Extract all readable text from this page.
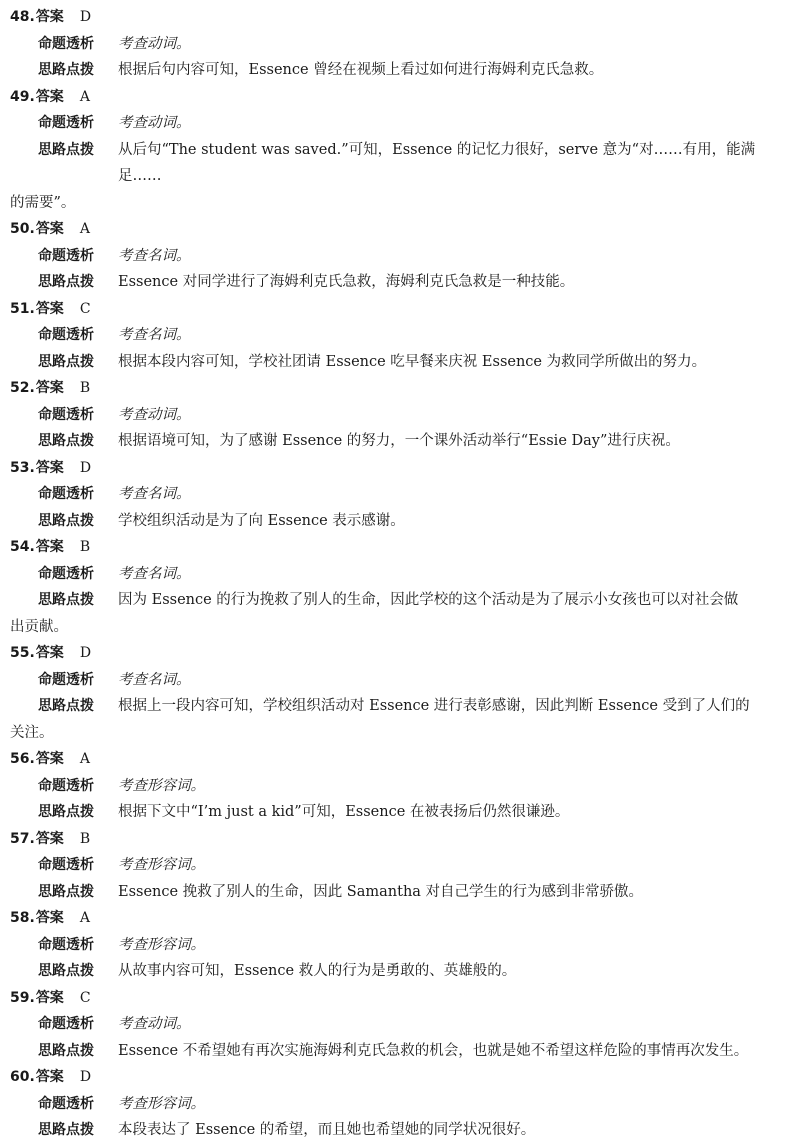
48.答案 D
命题透析	考查动词。
思路点拨	根据后句内容可知，Essence 曾经在视频上看过如何进行海姆利克氏急救。
49.答案 A
命题透析	考查动词。
思路点拨	从后句“The student was saved.”可知，Essence 的记忆力很好，serve 意为“对……有用，能满足……
的需要”。
50.答案 A
命题透析	考查名词。
思路点拨	Essence 对同学进行了海姆利克氏急救，海姆利克氏急救是一种技能。
51.答案 C
命题透析	考查名词。
思路点拨	根据本段内容可知，学校社团请 Essence 吃早餐来庆祝 Essence 为救同学所做出的努力。
52.答案 B
命题透析	考查动词。
思路点拨	根据语境可知，为了感谢 Essence 的努力，一个课外活动举行“Essie Day”进行庆祝。
53.答案 D
命题透析	考查名词。
思路点拨	学校组织活动是为了向 Essence 表示感谢。
54.答案 B
命题透析	考查名词。
思路点拨	因为 Essence 的行为挽救了别人的生命，因此学校的这个活动是为了展示小女孩也可以对社会做
出贡献。
55.答案 D
命题透析	考查名词。
思路点拨	根据上一段内容可知，学校组织活动对 Essence 进行表彰感谢，因此判断 Essence 受到了人们的
关注。
56.答案 A
命题透析	考查形容词。
思路点拨	根据下文中“I’m just a kid”可知，Essence 在被表扬后仍然很谦逊。
57.答案 B
命题透析	考查形容词。
思路点拨	Essence 挽救了别人的生命，因此 Samantha 对自己学生的行为感到非常骄傲。
58.答案 A
命题透析	考查形容词。
思路点拨	从故事内容可知，Essence 救人的行为是勇敢的、英雄般的。
59.答案 C
命题透析	考查动词。
思路点拨	Essence 不希望她有再次实施海姆利克氏急救的机会，也就是她不希望这样危险的事情再次发生。
60.答案 D
命题透析	考查形容词。
思路点拨	本段表达了 Essence 的希望，而且她也希望她的同学状况很好。
